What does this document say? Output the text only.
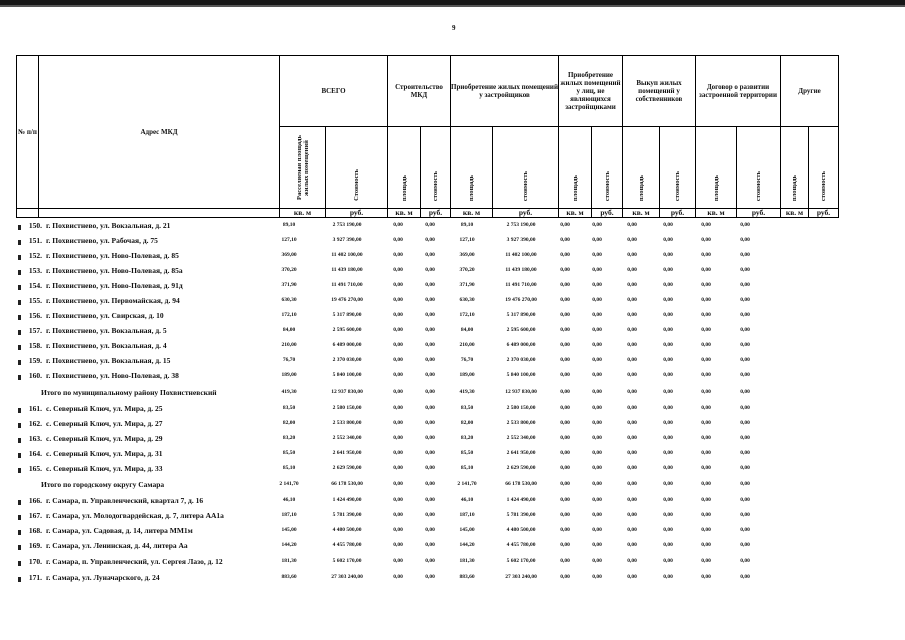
9
№ п/п	Адрес МКД	ВСЕГО		Строительство МКД		Приобретение жилых помещений у застройщиков		Приобретение жилых помещений у лиц, не являющихся застройщиками		Выкуп жилых помещений у собственников		Договор о развитии застроенной территории		Другие	
		Расселяемая площадь жилых помещений	Стоимость	площадь	стоимость	площадь	стоимость	площадь	стоимость	площадь	стоимость	площадь	стоимость	площадь	стоимость
		кв. м	руб.	кв. м	руб.	кв. м	руб.	кв. м	руб.	кв. м	руб.	кв. м	руб.	кв. м	руб.
150. г. Похвистнево, ул. Вокзальная, д. 21	89,10	2 753 190,00	0,00	0,00	89,10	2 753 190,00	0,00	0,00	0,00	0,00	0,00	0,00
151. г. Похвистнево, ул. Рабочая, д. 75	127,10	3 927 390,00	0,00	0,00	127,10	3 927 390,00	0,00	0,00	0,00	0,00	0,00	0,00
152. г. Похвистнево, ул. Ново-Полевая, д. 85	369,00	11 402 100,00	0,00	0,00	369,00	11 402 100,00	0,00	0,00	0,00	0,00	0,00	0,00
153. г. Похвистнево, ул. Ново-Полевая, д. 85а	370,20	11 439 180,00	0,00	0,00	370,20	11 439 180,00	0,00	0,00	0,00	0,00	0,00	0,00
154. г. Похвистнево, ул. Ново-Полевая, д. 91д	371,90	11 491 710,00	0,00	0,00	371,90	11 491 710,00	0,00	0,00	0,00	0,00	0,00	0,00
155. г. Похвистнево, ул. Первомайская, д. 94	630,30	19 476 270,00	0,00	0,00	630,30	19 476 270,00	0,00	0,00	0,00	0,00	0,00	0,00
156. г. Похвистнево, ул. Свирская, д. 10	172,10	5 317 890,00	0,00	0,00	172,10	5 317 890,00	0,00	0,00	0,00	0,00	0,00	0,00
157. г. Похвистнево, ул. Вокзальная, д. 5	84,00	2 595 600,00	0,00	0,00	84,00	2 595 600,00	0,00	0,00	0,00	0,00	0,00	0,00
158. г. Похвистнево, ул. Вокзальная, д. 4	210,00	6 489 000,00	0,00	0,00	210,00	6 489 000,00	0,00	0,00	0,00	0,00	0,00	0,00
159. г. Похвистнево, ул. Вокзальная, д. 15	76,70	2 370 030,00	0,00	0,00	76,70	2 370 030,00	0,00	0,00	0,00	0,00	0,00	0,00
160. г. Похвистнево, ул. Ново-Полевая, д. 38	189,00	5 840 100,00	0,00	0,00	189,00	5 840 100,00	0,00	0,00	0,00	0,00	0,00	0,00
Итого по муниципальному району Похвистневский	419,30	12 937 830,00	0,00	0,00	419,30	12 937 830,00	0,00	0,00	0,00	0,00	0,00	0,00
161. с. Северный Ключ, ул. Мира, д. 25	83,50	2 580 150,00	0,00	0,00	83,50	2 580 150,00	0,00	0,00	0,00	0,00	0,00	0,00
162. с. Северный Ключ, ул. Мира, д. 27	82,00	2 533 800,00	0,00	0,00	82,00	2 533 800,00	0,00	0,00	0,00	0,00	0,00	0,00
163. с. Северный Ключ, ул. Мира, д. 29	83,20	2 552 340,00	0,00	0,00	83,20	2 552 340,00	0,00	0,00	0,00	0,00	0,00	0,00
164. с. Северный Ключ, ул. Мира, д. 31	85,50	2 641 950,00	0,00	0,00	85,50	2 641 950,00	0,00	0,00	0,00	0,00	0,00	0,00
165. с. Северный Ключ, ул. Мира, д. 33	85,10	2 629 590,00	0,00	0,00	85,10	2 629 590,00	0,00	0,00	0,00	0,00	0,00	0,00
Итого по городскому округу Самара	2 141,70	66 178 530,00	0,00	0,00	2 141,70	66 178 530,00	0,00	0,00	0,00	0,00	0,00	0,00
166. г. Самара, п. Управленческий, квартал 7, д. 16	46,10	1 424 490,00	0,00	0,00	46,10	1 424 490,00	0,00	0,00	0,00	0,00	0,00	0,00
167. г. Самара, ул. Молодогвардейская, д. 7, литера АА1а	187,10	5 781 390,00	0,00	0,00	187,10	5 781 390,00	0,00	0,00	0,00	0,00	0,00	0,00
168. г. Самара, ул. Садовая, д. 14, литера ММ1м	145,00	4 480 500,00	0,00	0,00	145,00	4 480 500,00	0,00	0,00	0,00	0,00	0,00	0,00
169. г. Самара, ул. Ленинская, д. 44, литера Аа	144,20	4 455 780,00	0,00	0,00	144,20	4 455 780,00	0,00	0,00	0,00	0,00	0,00	0,00
170. г. Самара, п. Управленческий, ул. Сергея Лазо, д. 12	181,30	5 602 170,00	0,00	0,00	181,30	5 602 170,00	0,00	0,00	0,00	0,00	0,00	0,00
171. г. Самара, ул. Луначарского, д. 24	883,60	27 303 240,00	0,00	0,00	883,60	27 303 240,00	0,00	0,00	0,00	0,00	0,00	0,00
